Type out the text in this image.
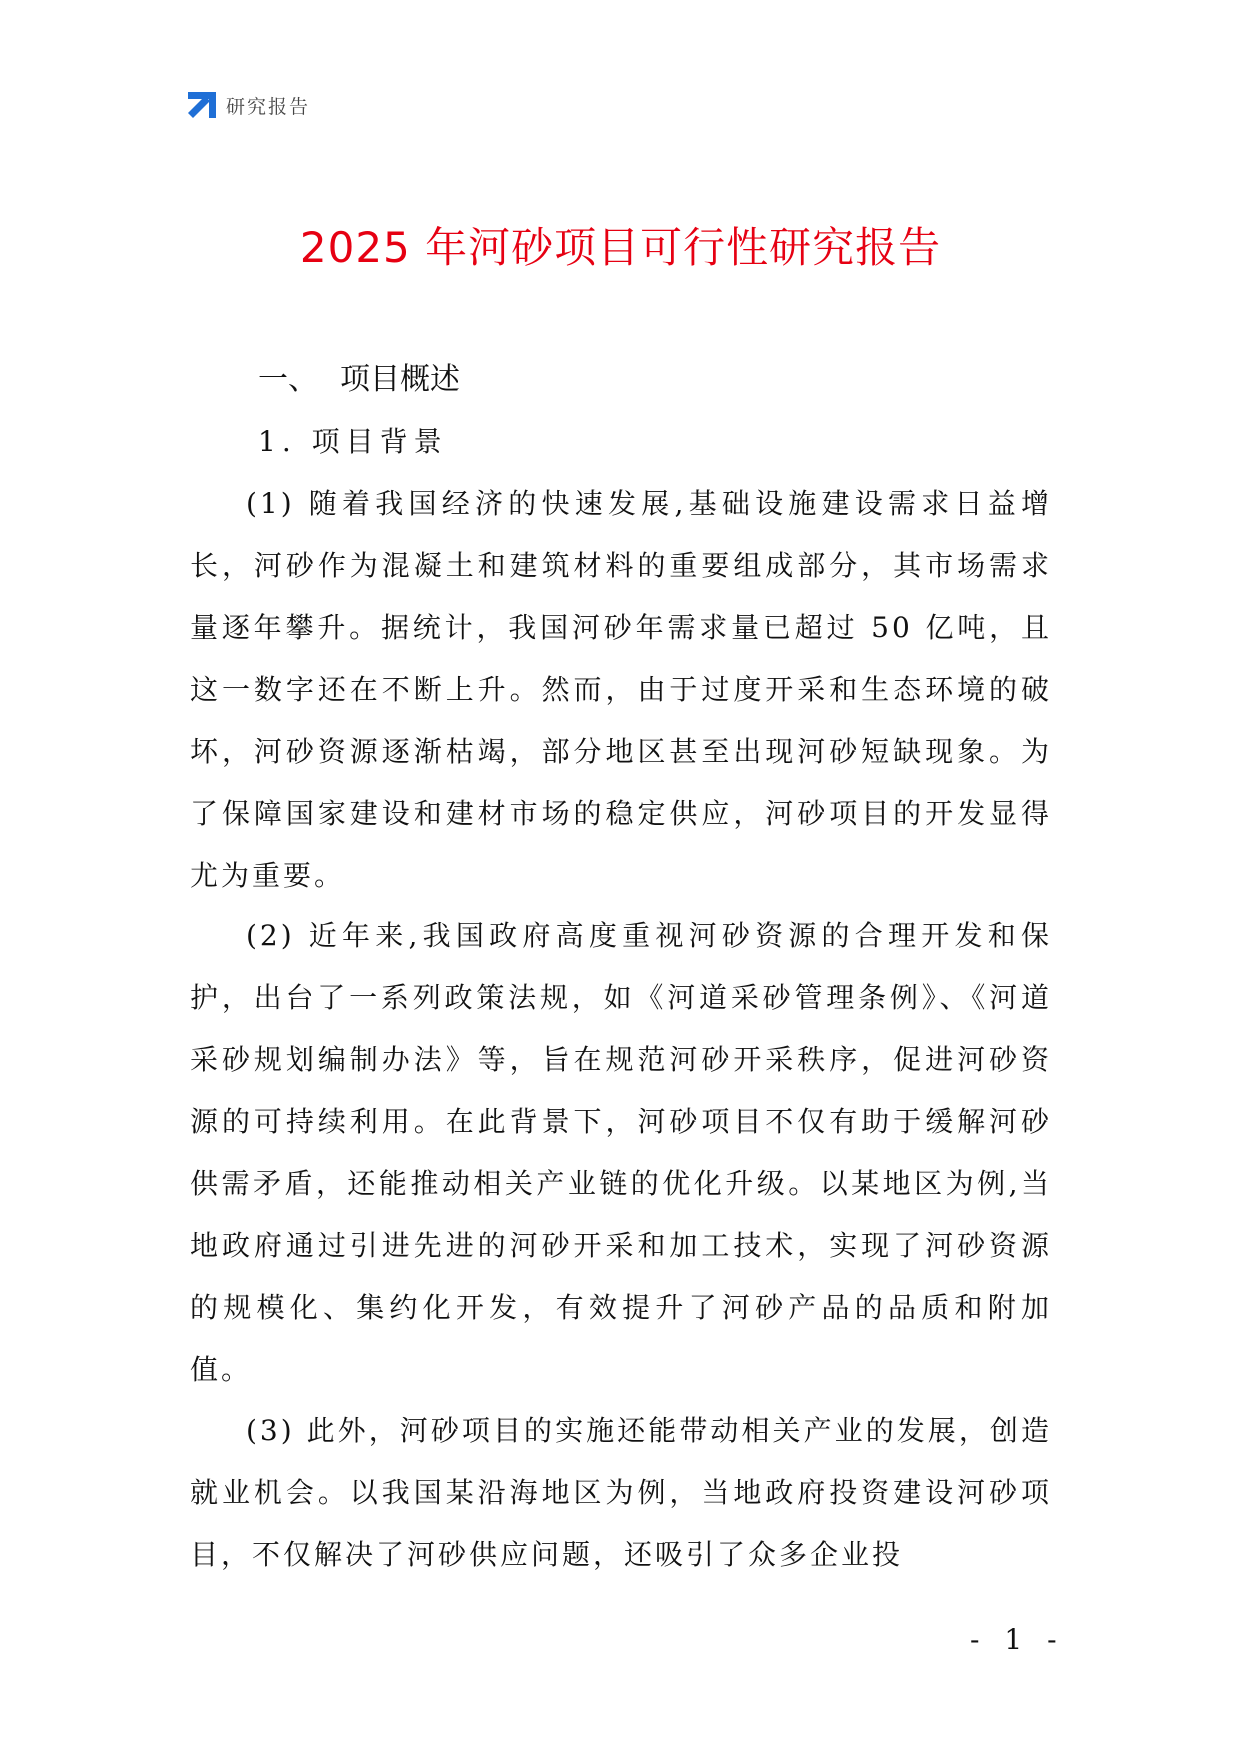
研究报告
2025 年河砂项目可行性研究报告
一、 项目概述
1. 项目背景

(1) 随着我国经济的快速发展,基础设施建设需求日益增长，河砂作为混凝土和建筑材料的重要组成部分，其市场需求量逐年攀升。据统计，我国河砂年需求量已超过 50 亿吨，且这一数字还在不断上升。然而，由于过度开采和生态环境的破坏，河砂资源逐渐枯竭，部分地区甚至出现河砂短缺现象。为了保障国家建设和建材市场的稳定供应，河砂项目的开发显得尤为重要。

(2) 近年来,我国政府高度重视河砂资源的合理开发和保护，出台了一系列政策法规，如《河道采砂管理条例》、《河道采砂规划编制办法》等，旨在规范河砂开采秩序，促进河砂资源的可持续利用。在此背景下，河砂项目不仅有助于缓解河砂供需矛盾，还能推动相关产业链的优化升级。以某地区为例,当地政府通过引进先进的河砂开采和加工技术，实现了河砂资源的规模化、集约化开发，有效提升了河砂产品的品质和附加值。

(3) 此外，河砂项目的实施还能带动相关产业的发展，创造就业机会。以我国某沿海地区为例，当地政府投资建设河砂项目，不仅解决了河砂供应问题，还吸引了众多企业投

- 1 -
